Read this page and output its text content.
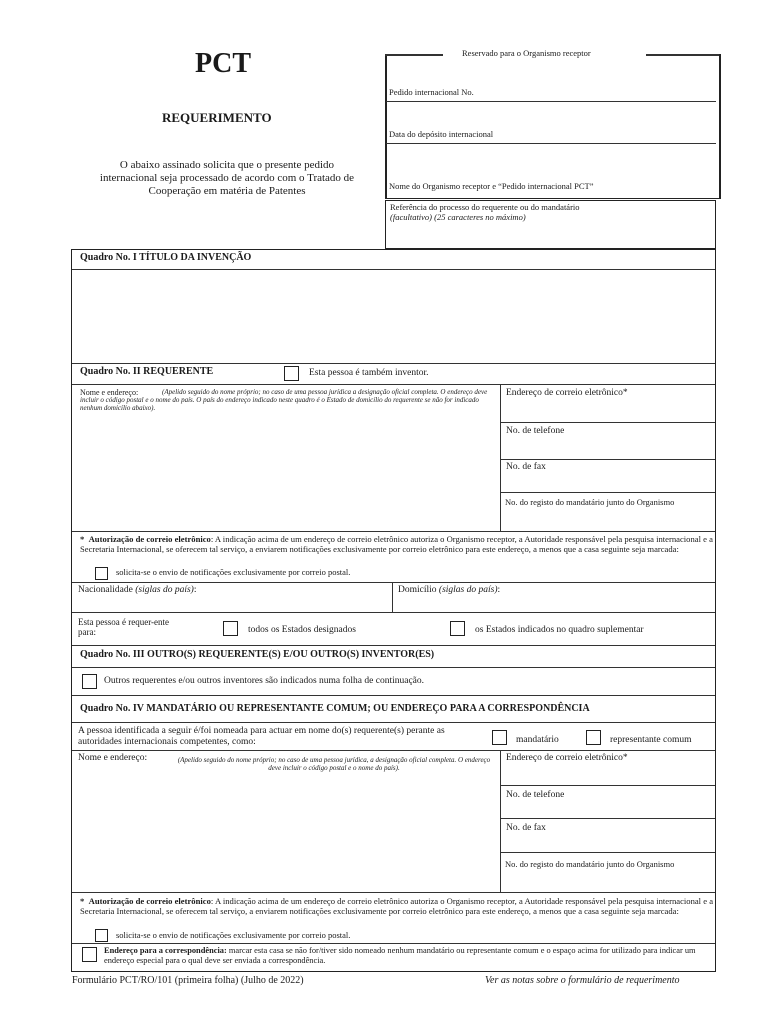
PCT
REQUERIMENTO
O abaixo assinado solicita que o presente pedido internacional seja processado de acordo com o Tratado de Cooperação em matéria de Patentes
Reservado para o Organismo receptor
Pedido internacional No.
Data do depósito internacional
Nome do Organismo receptor e “Pedido internacional PCT”
Referência do processo do requerente ou do mandatário
(facultativo) (25 caracteres no máximo)
Quadro No. I TÍTULO DA INVENÇÃO
Quadro No. II REQUERENTE	Esta pessoa é também inventor.
Nome e endereço:	(Apelido seguido do nome próprio; no caso de uma pessoa jurídica a designação oficial completa. O endereço deve incluir o código postal e o nome do país. O país do endereço indicado neste quadro é o Estado de domicílio do requerente se não for indicado nenhum domicílio abaixo).
Endereço de correio eletrônico*
No. de telefone
No. de fax
No. do registo do mandatário junto do Organismo
*  Autorização de correio eletrônico: A indicação acima de um endereço de correio eletrônico autoriza o Organismo receptor, a Autoridade responsável pela pesquisa internacional e a Secretaria Internacional, se oferecem tal serviço, a enviarem notificações exclusivamente por correio eletrônico para este endereço, a menos que a casa seguinte seja marcada:
solicita-se o envio de notificações exclusivamente por correio postal.
Nacionalidade (siglas do país):	Domicílio (siglas do país):
Esta pessoa é requer-ente para:	todos os Estados designados	os Estados indicados no quadro suplementar
Quadro No. III OUTRO(S) REQUERENTE(S) E/OU OUTRO(S) INVENTOR(ES)
Outros requerentes e/ou outros inventores são indicados numa folha de continuação.
Quadro No. IV MANDATÁRIO OU REPRESENTANTE COMUM; OU ENDEREÇO PARA A CORRESPONDÊNCIA
A pessoa identificada a seguir é/foi nomeada para actuar em nome do(s) requerente(s) perante as autoridades internacionais competentes, como:	mandatário	representante comum
Nome e endereço:	(Apelido seguido do nome próprio; no caso de uma pessoa jurídica, a designação oficial completa. O endereço deve incluir o código postal e o nome do país).
Endereço de correio eletrônico*
No. de telefone
No. de fax
No. do registo do mandatário junto do Organismo
*  Autorização de correio eletrônico: A indicação acima de um endereço de correio eletrônico autoriza o Organismo receptor, a Autoridade responsável pela pesquisa internacional e a Secretaria Internacional, se oferecem tal serviço, a enviarem notificações exclusivamente por correio eletrônico para este endereço, a menos que a casa seguinte seja marcada:
solicita-se o envio de notificações exclusivamente por correio postal.
Endereço para a correspondência: marcar esta casa se não for/tiver sido nomeado nenhum mandatário ou representante comum e o espaço acima for utilizado para indicar um endereço especial para o qual deve ser enviada a correspondência.
Formulário PCT/RO/101 (primeira folha) (Julho de 2022)	Ver as notas sobre o formulário de requerimento
